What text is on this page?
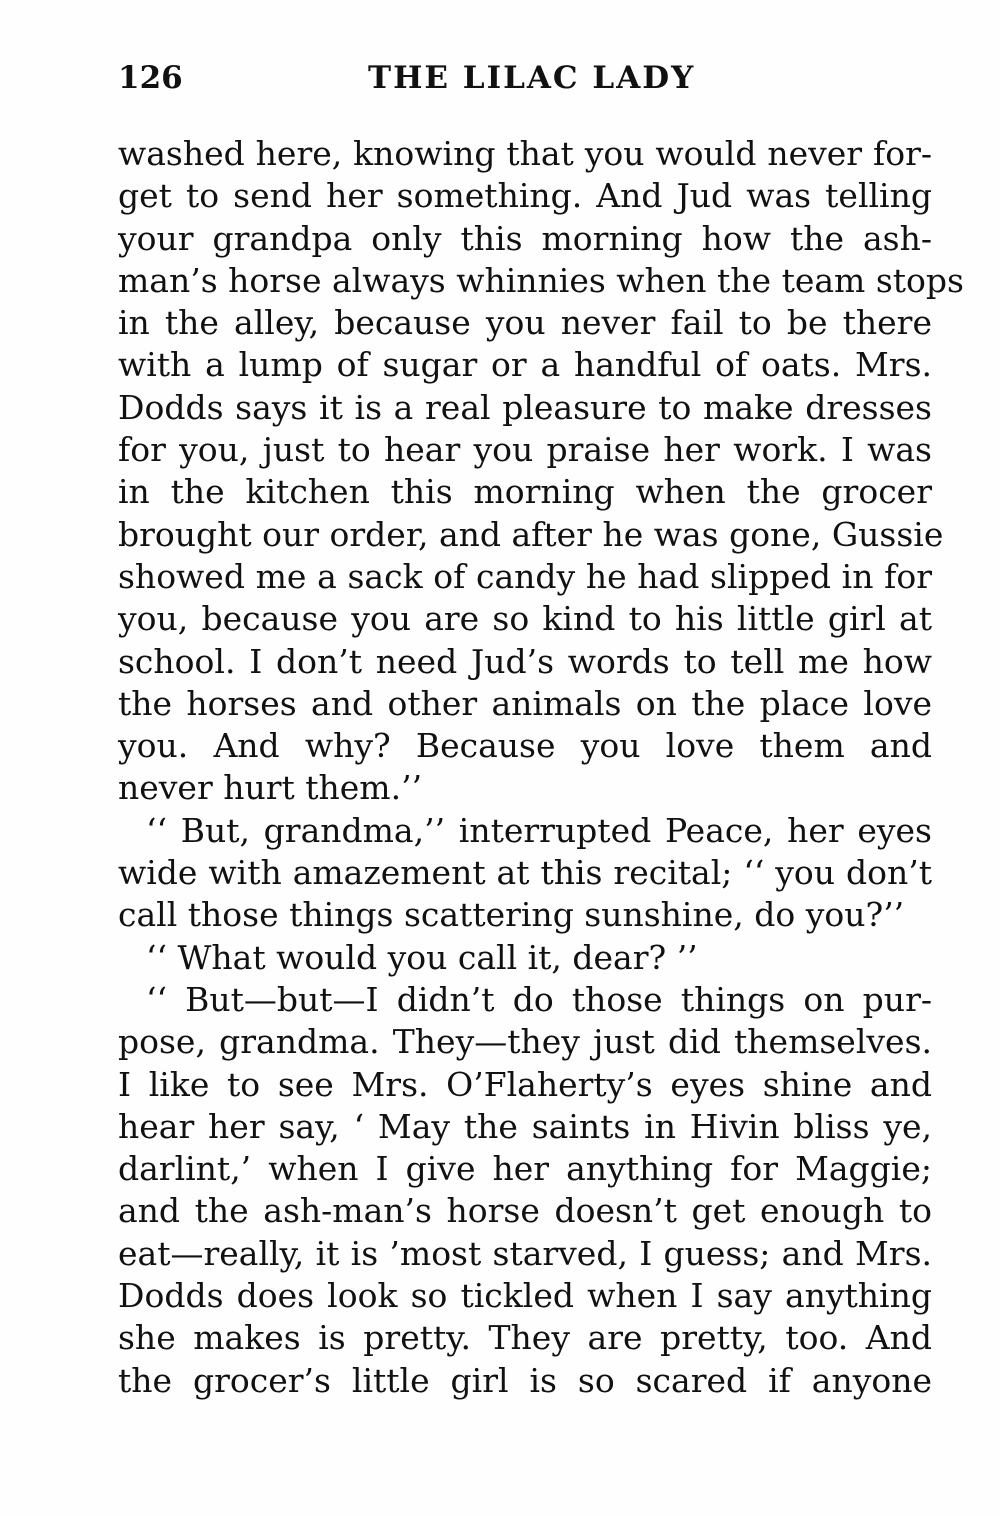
126	THE LILAC LADY
washed here, knowing that you would never for-
get to send her something. And Jud was telling
your grandpa only this morning how the ash-
man’s horse always whinnies when the team stops
in the alley, because you never fail to be there
with a lump of sugar or a handful of oats. Mrs.
Dodds says it is a real pleasure to make dresses
for you, just to hear you praise her work. I was
in the kitchen this morning when the grocer
brought our order, and after he was gone, Gussie
showed me a sack of candy he had slipped in for
you, because you are so kind to his little girl at
school. I don’t need Jud’s words to tell me how
the horses and other animals on the place love
you. And why? Because you love them and
never hurt them.’’
‘‘ But, grandma,’’ interrupted Peace, her eyes
wide with amazement at this recital; ‘‘ you don’t
call those things scattering sunshine, do you?’’
‘‘ What would you call it, dear? ’’
‘‘ But—but—I didn’t do those things on pur-
pose, grandma. They—they just did themselves.
I like to see Mrs. O’Flaherty’s eyes shine and
hear her say, ‘ May the saints in Hivin bliss ye,
darlint,’ when I give her anything for Maggie;
and the ash-man’s horse doesn’t get enough to
eat—really, it is ’most starved, I guess; and Mrs.
Dodds does look so tickled when I say anything
she makes is pretty. They are pretty, too. And
the grocer’s little girl is so scared if anyone
